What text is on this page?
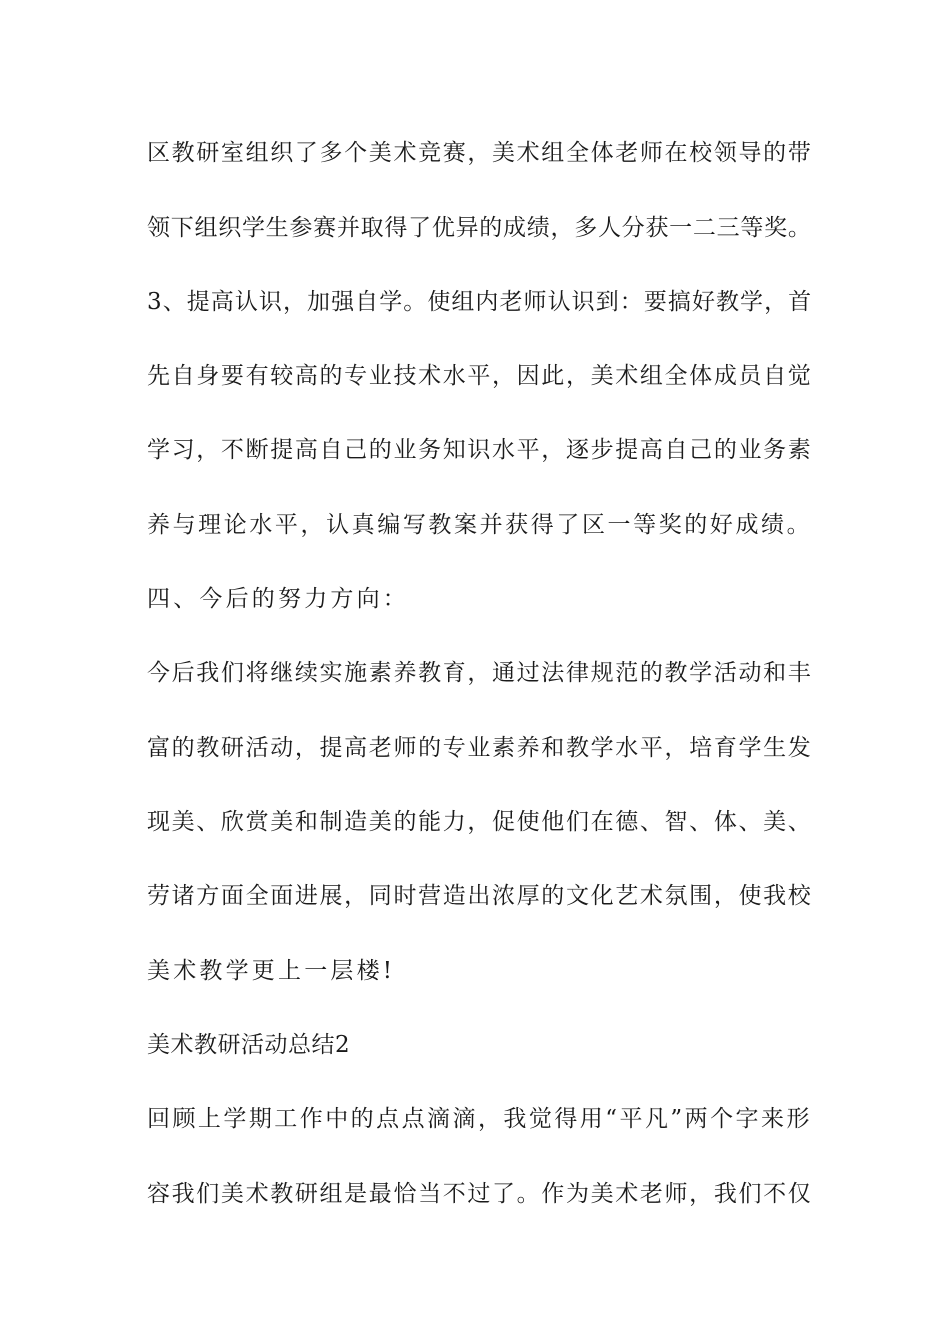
区教研室组织了多个美术竞赛，美术组全体老师在校领导的带
领下组织学生参赛并取得了优异的成绩，多人分获一二三等奖。
3、提高认识，加强自学。使组内老师认识到：要搞好教学，首
先自身要有较高的专业技术水平，因此，美术组全体成员自觉
学习，不断提高自己的业务知识水平，逐步提高自己的业务素
养与理论水平，认真编写教案并获得了区一等奖的好成绩。
四、今后的努力方向：
今后我们将继续实施素养教育，通过法律规范的教学活动和丰
富的教研活动，提高老师的专业素养和教学水平，培育学生发
现美、欣赏美和制造美的能力，促使他们在德、智、体、美、
劳诸方面全面进展，同时营造出浓厚的文化艺术氛围，使我校
美术教学更上一层楼!
美术教研活动总结2
回顾上学期工作中的点点滴滴，我觉得用“平凡”两个字来形
容我们美术教研组是最恰当不过了。作为美术老师，我们不仅
